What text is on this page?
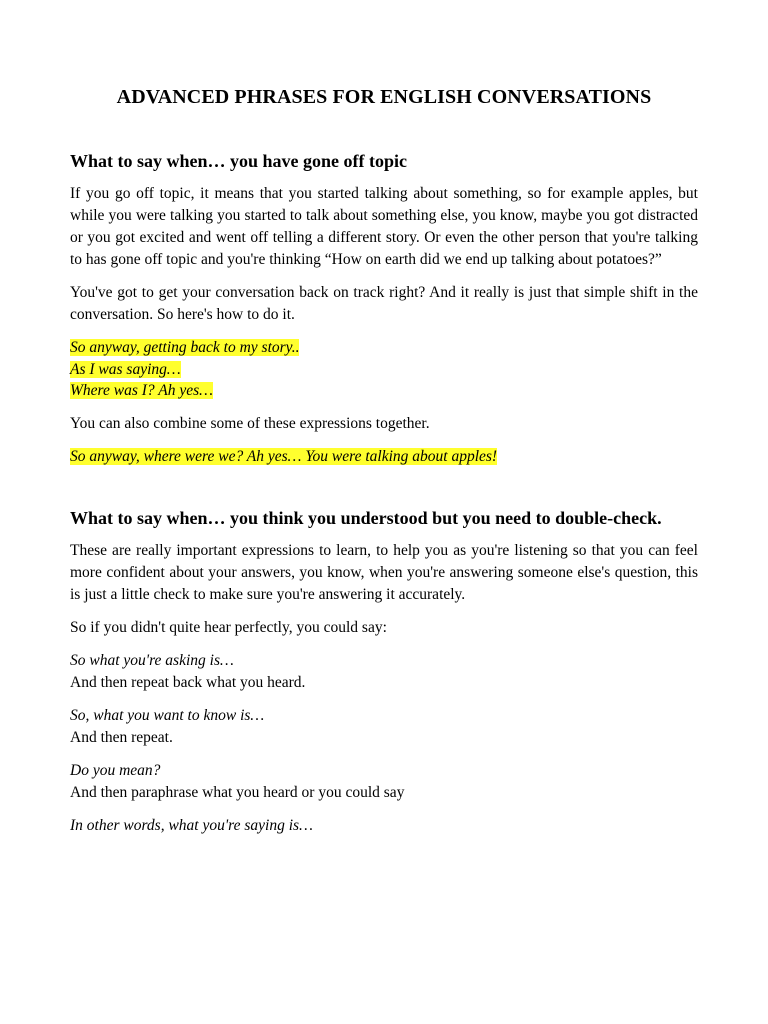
ADVANCED PHRASES FOR ENGLISH CONVERSATIONS
What to say when… you have gone off topic

If you go off topic, it means that you started talking about something, so for example apples, but while you were talking you started to talk about something else, you know, maybe you got distracted or you got excited and went off telling a different story. Or even the other person that you're talking to has gone off topic and you're thinking “How on earth did we end up talking about potatoes?”

You've got to get your conversation back on track right? And it really is just that simple shift in the conversation. So here's how to do it.

So anyway, getting back to my story..
As I was saying…
Where was I? Ah yes…

You can also combine some of these expressions together.

So anyway, where were we? Ah yes… You were talking about apples!

What to say when… you think you understood but you need to double-check.

These are really important expressions to learn, to help you as you're listening so that you can feel more confident about your answers, you know, when you're answering someone else's question, this is just a little check to make sure you're answering it accurately.

So if you didn't quite hear perfectly, you could say:

So what you're asking is…
And then repeat back what you heard.
So, what you want to know is…
And then repeat.
Do you mean?
And then paraphrase what you heard or you could say
In other words, what you're saying is…
